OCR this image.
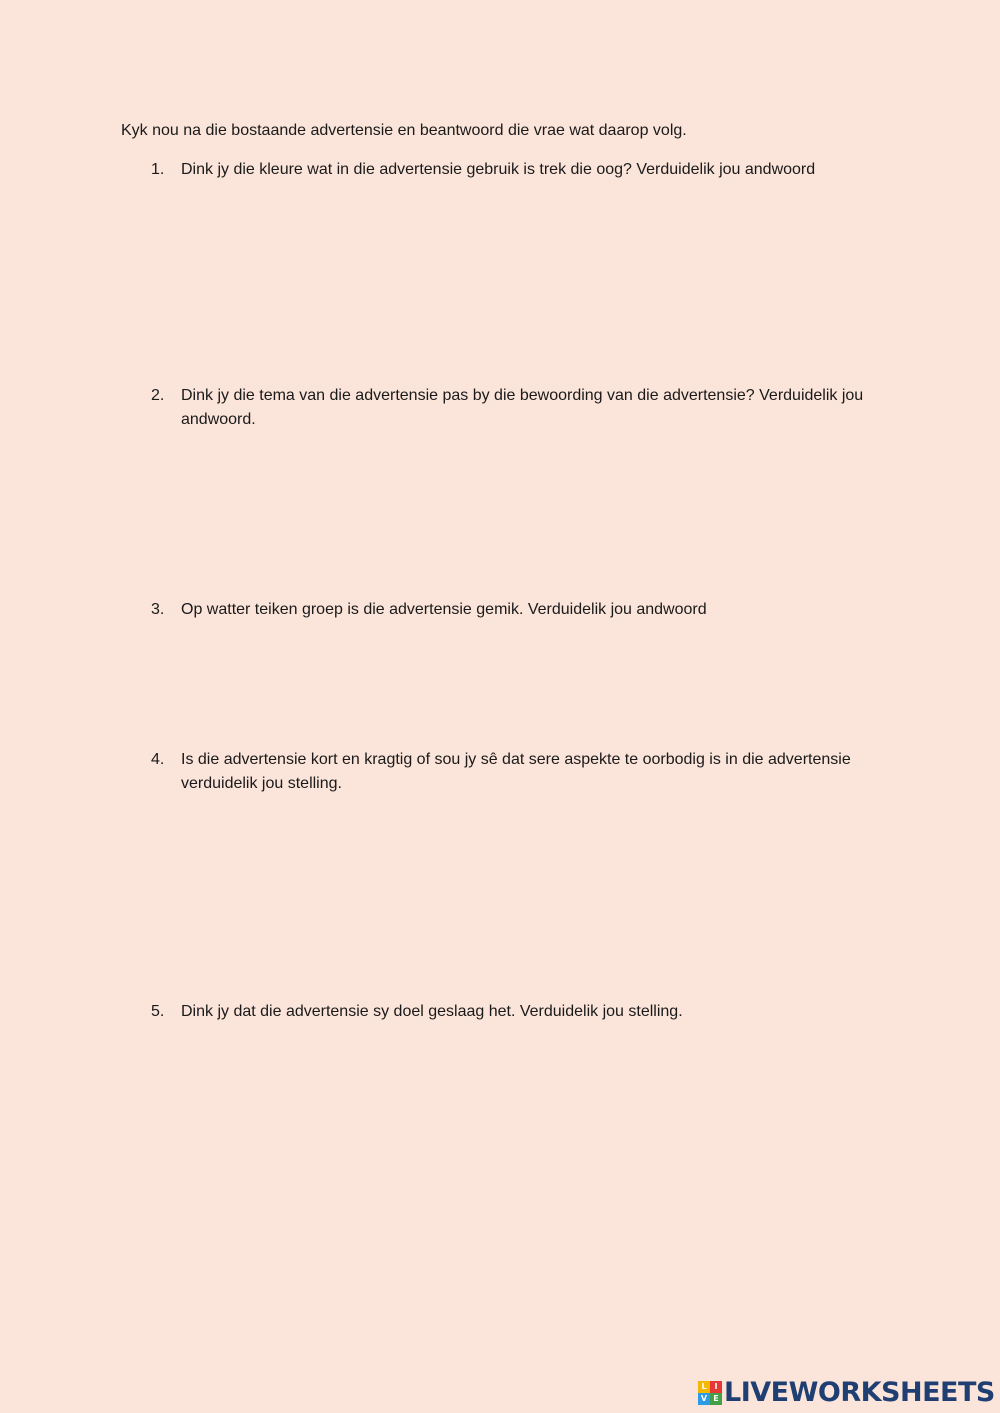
Kyk nou na die bostaande advertensie en beantwoord die vrae wat daarop volg.
1.	Dink jy die kleure wat in die advertensie gebruik is trek die oog? Verduidelik jou andwoord
2.	Dink jy die tema van die advertensie pas by die bewoording van die advertensie? Verduidelik jou andwoord.
3.	Op watter teiken groep is die advertensie gemik. Verduidelik jou andwoord
4.	Is die advertensie kort en kragtig of sou jy sê dat sere aspekte te oorbodig is in die advertensie verduidelik jou stelling.
5.	Dink jy dat die advertensie sy doel geslaag het. Verduidelik jou stelling.
L I
V E LIVEWORKSHEETS
